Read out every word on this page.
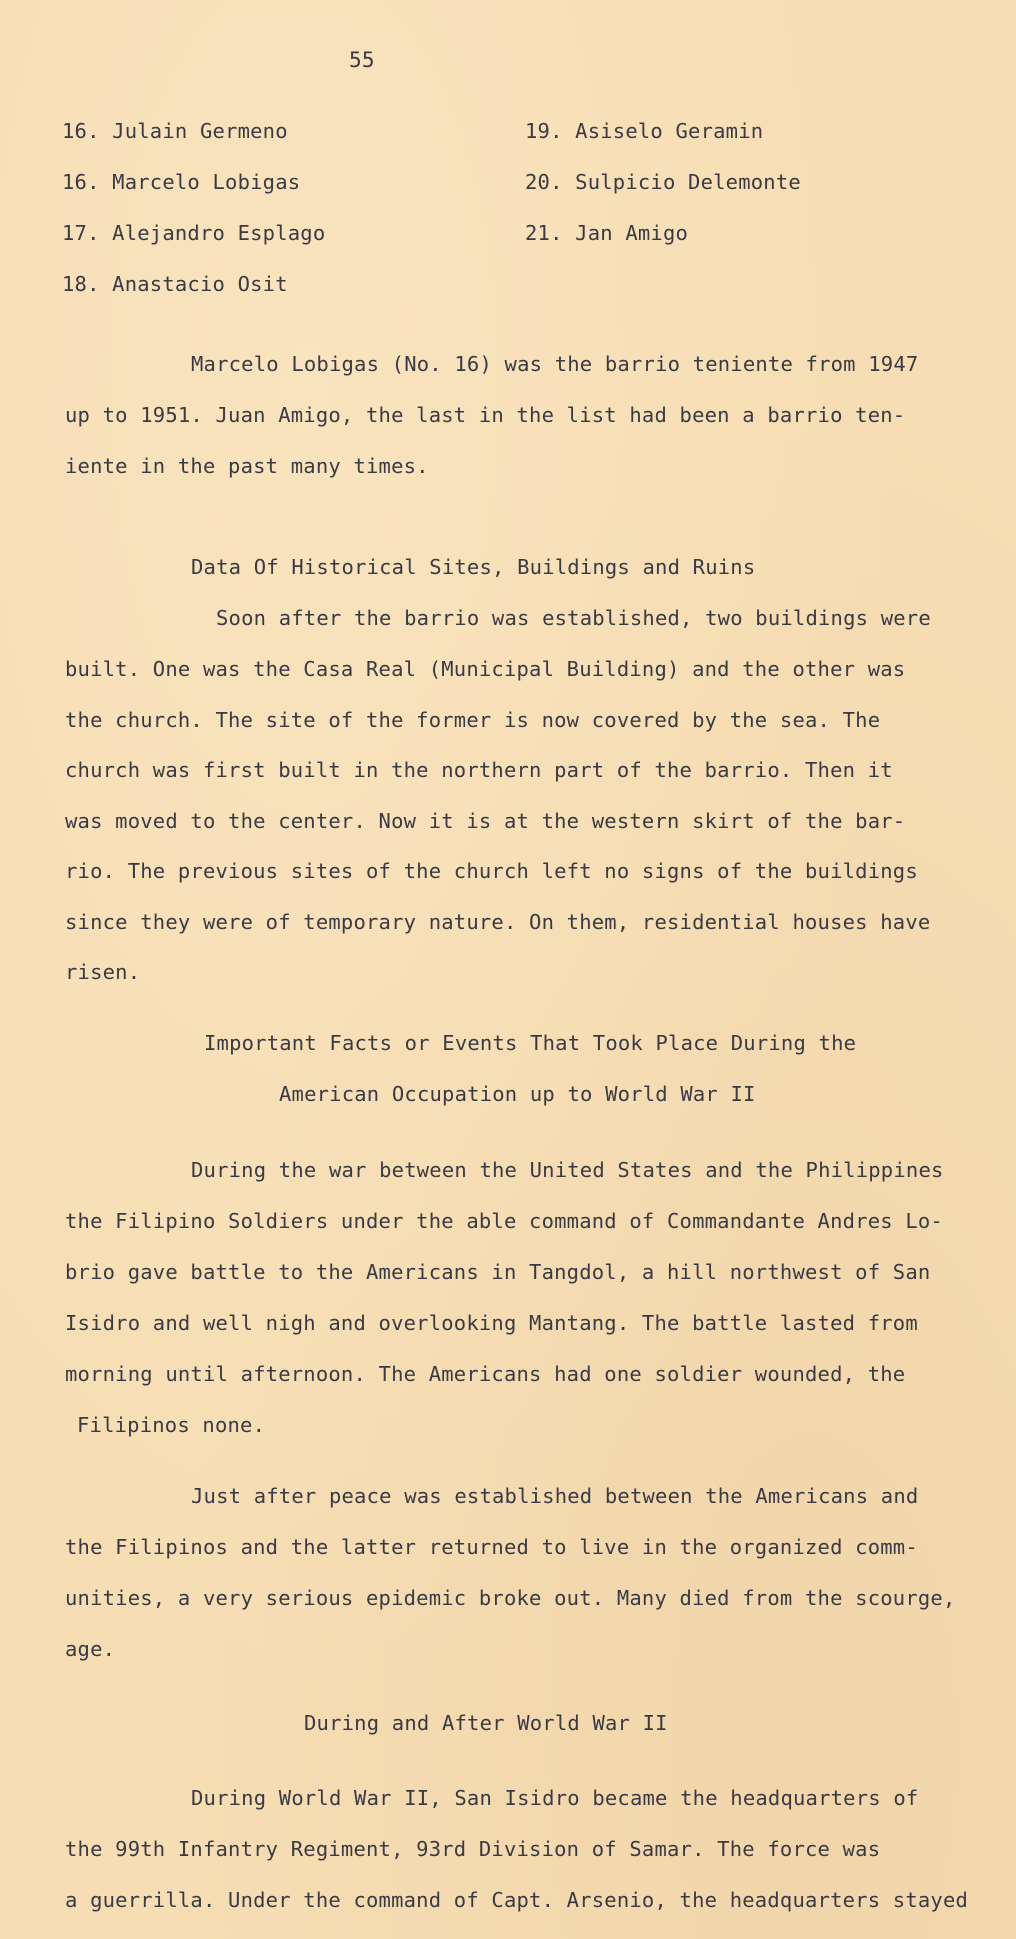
55
16. Julain Germeno
16. Marcelo Lobigas
17. Alejandro Esplago
18. Anastacio Osit
19. Asiselo Geramin
20. Sulpicio Delemonte
21. Jan Amigo
Marcelo Lobigas (No. 16) was the barrio teniente from 1947
up to 1951. Juan Amigo, the last in the list had been a barrio ten-
iente in the past many times.
Data Of Historical Sites, Buildings and Ruins
Soon after the barrio was established, two buildings were
built. One was the Casa Real (Municipal Building) and the other was
the church. The site of the former is now covered by the sea. The
church was first built in the northern part of the barrio. Then it
was moved to the center. Now it is at the western skirt of the bar-
rio. The previous sites of the church left no signs of the buildings
since they were of temporary nature. On them, residential houses have
risen.
Important Facts or Events That Took Place During the
American Occupation up to World War II
During the war between the United States and the Philippines
the Filipino Soldiers under the able command of Commandante Andres Lo-
brio gave battle to the Americans in Tangdol, a hill northwest of San
Isidro and well nigh and overlooking Mantang. The battle lasted from
morning until afternoon. The Americans had one soldier wounded, the
Filipinos none.
Just after peace was established between the Americans and
the Filipinos and the latter returned to live in the organized comm-
unities, a very serious epidemic broke out. Many died from the scourge,
age.
During and After World War II
During World War II, San Isidro became the headquarters of
the 99th Infantry Regiment, 93rd Division of Samar. The force was
a guerrilla. Under the command of Capt. Arsenio, the headquarters stayed
